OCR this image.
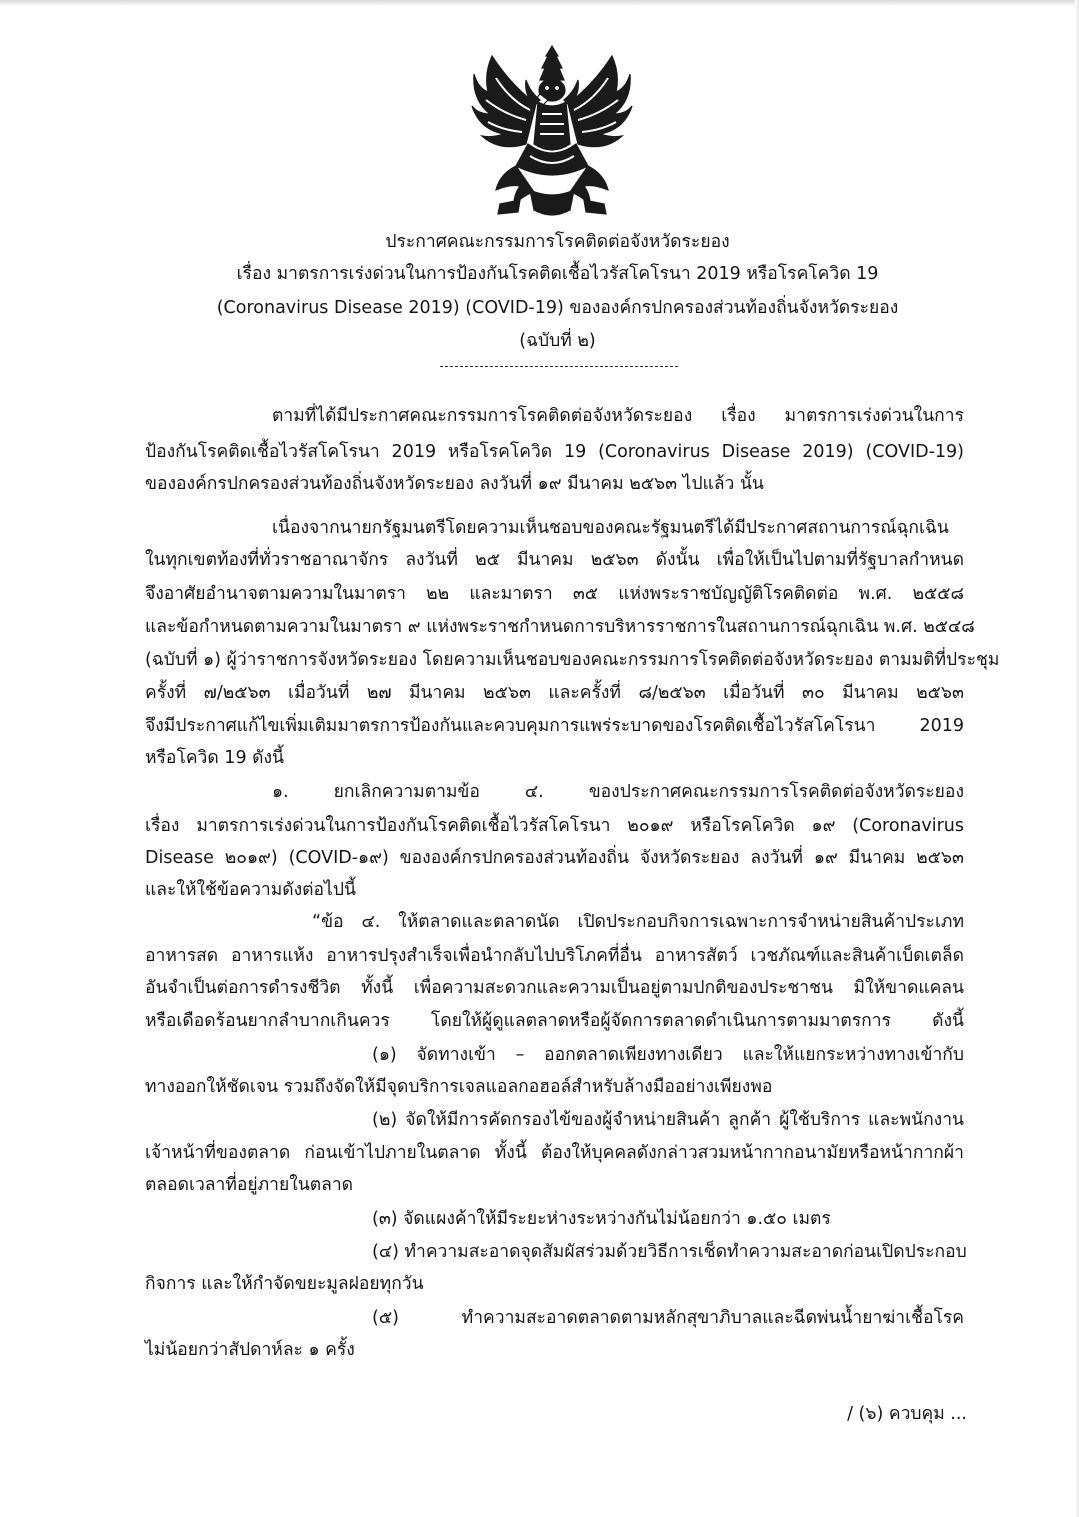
ประกาศคณะกรรมการโรคติดต่อจังหวัดระยอง
เรื่อง มาตรการเร่งด่วนในการป้องกันโรคติดเชื้อไวรัสโคโรนา 2019 หรือโรคโควิด 19
(Coronavirus Disease 2019) (COVID-19) ขององค์กรปกครองส่วนท้องถิ่นจังหวัดระยอง
(ฉบับที่ ๒)
ตามที่ได้มีประกาศคณะกรรมการโรคติดต่อจังหวัดระยอง เรื่อง มาตรการเร่งด่วนในการ
ป้องกันโรคติดเชื้อไวรัสโคโรนา 2019 หรือโรคโควิด 19 (Coronavirus Disease 2019) (COVID-19)
ขององค์กรปกครองส่วนท้องถิ่นจังหวัดระยอง ลงวันที่ ๑๙ มีนาคม ๒๕๖๓ ไปแล้ว นั้น
เนื่องจากนายกรัฐมนตรีโดยความเห็นชอบของคณะรัฐมนตรีได้มีประกาศสถานการณ์ฉุกเฉิน
ในทุกเขตท้องที่ทั่วราชอาณาจักร ลงวันที่ ๒๕ มีนาคม ๒๕๖๓ ดังนั้น เพื่อให้เป็นไปตามที่รัฐบาลกำหนด
จึงอาศัยอำนาจตามความในมาตรา ๒๒ และมาตรา ๓๕ แห่งพระราชบัญญัติโรคติดต่อ พ.ศ. ๒๕๕๘
และข้อกำหนดตามความในมาตรา ๙ แห่งพระราชกำหนดการบริหารราชการในสถานการณ์ฉุกเฉิน พ.ศ. ๒๕๔๘
(ฉบับที่ ๑) ผู้ว่าราชการจังหวัดระยอง โดยความเห็นชอบของคณะกรรมการโรคติดต่อจังหวัดระยอง ตามมติที่ประชุม
ครั้งที่ ๗/๒๕๖๓ เมื่อวันที่ ๒๗ มีนาคม ๒๕๖๓ และครั้งที่ ๘/๒๕๖๓ เมื่อวันที่ ๓๐ มีนาคม ๒๕๖๓
จึงมีประกาศแก้ไขเพิ่มเติมมาตรการป้องกันและควบคุมการแพร่ระบาดของโรคติดเชื้อไวรัสโคโรนา 2019
หรือโควิด 19 ดังนี้
๑. ยกเลิกความตามข้อ ๔. ของประกาศคณะกรรมการโรคติดต่อจังหวัดระยอง
เรื่อง มาตรการเร่งด่วนในการป้องกันโรคติดเชื้อไวรัสโคโรนา ๒๐๑๙ หรือโรคโควิด ๑๙ (Coronavirus
Disease ๒๐๑๙) (COVID-๑๙) ขององค์กรปกครองส่วนท้องถิ่น จังหวัดระยอง ลงวันที่ ๑๙ มีนาคม ๒๕๖๓
และให้ใช้ข้อความดังต่อไปนี้
“ข้อ ๔. ให้ตลาดและตลาดนัด เปิดประกอบกิจการเฉพาะการจำหน่ายสินค้าประเภท
อาหารสด อาหารแห้ง อาหารปรุงสำเร็จเพื่อนำกลับไปบริโภคที่อื่น อาหารสัตว์ เวชภัณฑ์และสินค้าเบ็ดเตล็ด
อันจำเป็นต่อการดำรงชีวิต ทั้งนี้ เพื่อความสะดวกและความเป็นอยู่ตามปกติของประชาชน มิให้ขาดแคลน
หรือเดือดร้อนยากลำบากเกินควร โดยให้ผู้ดูแลตลาดหรือผู้จัดการตลาดดำเนินการตามมาตรการ ดังนี้
(๑) จัดทางเข้า – ออกตลาดเพียงทางเดียว และให้แยกระหว่างทางเข้ากับ
ทางออกให้ชัดเจน รวมถึงจัดให้มีจุดบริการเจลแอลกอฮอล์สำหรับล้างมืออย่างเพียงพอ
(๒) จัดให้มีการคัดกรองไข้ของผู้จำหน่ายสินค้า ลูกค้า ผู้ใช้บริการ และพนักงาน
เจ้าหน้าที่ของตลาด ก่อนเข้าไปภายในตลาด ทั้งนี้ ต้องให้บุคคลดังกล่าวสวมหน้ากากอนามัยหรือหน้ากากผ้า
ตลอดเวลาที่อยู่ภายในตลาด
(๓) จัดแผงค้าให้มีระยะห่างระหว่างกันไม่น้อยกว่า ๑.๕๐ เมตร
(๔) ทำความสะอาดจุดสัมผัสร่วมด้วยวิธีการเช็ดทำความสะอาดก่อนเปิดประกอบ
กิจการ และให้กำจัดขยะมูลฝอยทุกวัน
(๕) ทำความสะอาดตลาดตามหลักสุขาภิบาลและฉีดพ่นน้ำยาฆ่าเชื้อโรค
ไม่น้อยกว่าสัปดาห์ละ ๑ ครั้ง
/ (๖) ควบคุม ...
